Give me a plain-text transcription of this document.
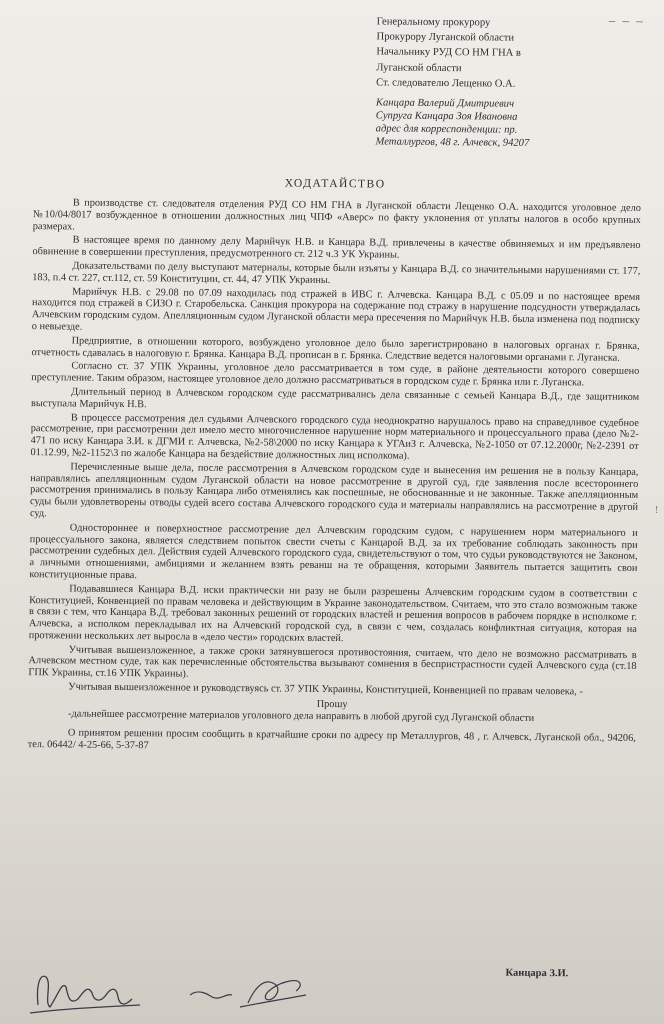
– – –
Генеральному прокурору
Прокурору Луганской области
Начальнику РУД СО НМ ГНА в
Луганской области
Ст. следователю Лещенко О.А.
Канцара Валерий Дмитриевич
Супруга Канцара Зоя Ивановна
адрес для корреспонденции: пр.
Металлургов, 48 г. Алчевск, 94207
ХОДАТАЙСТВО

В производстве ст. следователя отделения РУД СО НМ ГНА в Луганской области Лещенко О.А. находится уголовное дело №10/04/8017 возбужденное в отношении должностных лиц ЧПФ «Аверс» по факту уклонения от уплаты налогов в особо крупных размерах.

В настоящее время по данному делу Марийчук Н.В. и Канцара В.Д. привлечены в качестве обвиняемых и им предъявлено обвинение в совершении преступления, предусмотренного ст. 212 ч.3 УК Украины.

Доказательствами по делу выступают материалы, которые были изъяты у Канцара В.Д. со значительными нарушениями ст. 177, 183, п.4 ст. 227, ст.112, ст. 59 Конституции, ст. 44, 47 УПК Украины.

Марийчук Н.В. с 29.08 по 07.09 находилась под стражей в ИВС г. Алчевска. Канцара В.Д. с 05.09 и по настоящее время находится под стражей в СИЗО г. Старобельска. Санкция прокурора на содержание под стражу в нарушение подсудности утверждалась Алчевским городским судом. Апелляционным судом Луганской области мера пресечения по Марийчук Н.В. была изменена под подписку о невыезде.

Предприятие, в отношении которого, возбуждено уголовное дело было зарегистрировано в налоговых органах г. Брянка, отчетность сдавалась в налоговую г. Брянка. Канцара В.Д. прописан в г. Брянка. Следствие ведется налоговыми органами г. Луганска.

Согласно ст. 37 УПК Украины, уголовное дело рассматривается в том суде, в районе деятельности которого совершено преступление. Таким образом, настоящее уголовное дело должно рассматриваться в городском суде г. Брянка или г. Луганска.

Длительный период в Алчевском городском суде рассматривались дела связанные с семьей Канцара В.Д., где защитником выступала Марийчук Н.В.

В процессе рассмотрения дел судьями Алчевского городского суда неоднократно нарушалось право на справедливое судебное рассмотрение, при рассмотрении дел имело место многочисленное нарушение норм материального и процессуального права (дело №2-471 по иску Канцара З.И. к ДГМИ г. Алчевска, №2-58\2000 по иску Канцара к УГАиЗ г. Алчевска, №2-1050 от 07.12.2000г, №2-2391 от 01.12.99, №2-1152\3 по жалобе Канцара на бездействие должностных лиц исполкома).

Перечисленные выше дела, после рассмотрения в Алчевском городском суде и вынесения им решения не в пользу Канцара, направлялись апелляционным судом Луганской области на новое рассмотрение в другой суд, где заявления после всестороннего рассмотрения принимались в пользу Канцара либо отменялись как поспешные, не обоснованные и не законные. Также апелляционным суды были удовлетворены отводы судей всего состава Алчевского городского суда и материалы направлялись на рассмотрение в другой суд.

Одностороннее и поверхностное рассмотрение дел Алчевским городским судом, с нарушением норм материального и процессуального закона, является следствием попыток свести счеты с Канцарой В.Д. за их требование соблюдать законность при рассмотрении судебных дел. Действия судей Алчевского городского суда, свидетельствуют о том, что судьи руководствуются не Законом, а личными отношениями, амбициями и желанием взять реванш на те обращения, которыми Заявитель пытается защитить свои конституционные права.

Подававшиеся Канцара В.Д. иски практически ни разу не были разрешены Алчевским городским судом в соответствии с Конституцией, Конвенцией по правам человека и действующим в Украине законодательством. Считаем, что это стало возможным также в связи с тем, что Канцара В.Д. требовал законных решений от городских властей и решения вопросов в рабочем порядке в исполкоме г. Алчевска, а исполком перекладывал их на Алчевский городской суд, в связи с чем, создалась конфликтная ситуация, которая на протяжении нескольких лет выросла в «дело чести» городских властей.

Учитывая вышеизложенное, а также сроки затянувшегося противостояния, считаем, что дело не возможно рассматривать в Алчевском местном суде, так как перечисленные обстоятельства вызывают сомнения в беспристрастности судей Алчевского суда (ст.18 ГПК Украины, ст.16 УПК Украины).

Учитывая вышеизложенное и руководствуясь ст. 37 УПК Украины, Конституцией, Конвенцией по правам человека, -

Прошу

-дальнейшее рассмотрение материалов уголовного дела направить в любой другой суд Луганской области

О принятом решении просим сообщить в кратчайшие сроки по адресу пр Металлургов, 48 , г. Алчевск, Луганской обл., 94206, тел. 06442/ 4-25-66, 5-37-87

Канцара З.И.
!
